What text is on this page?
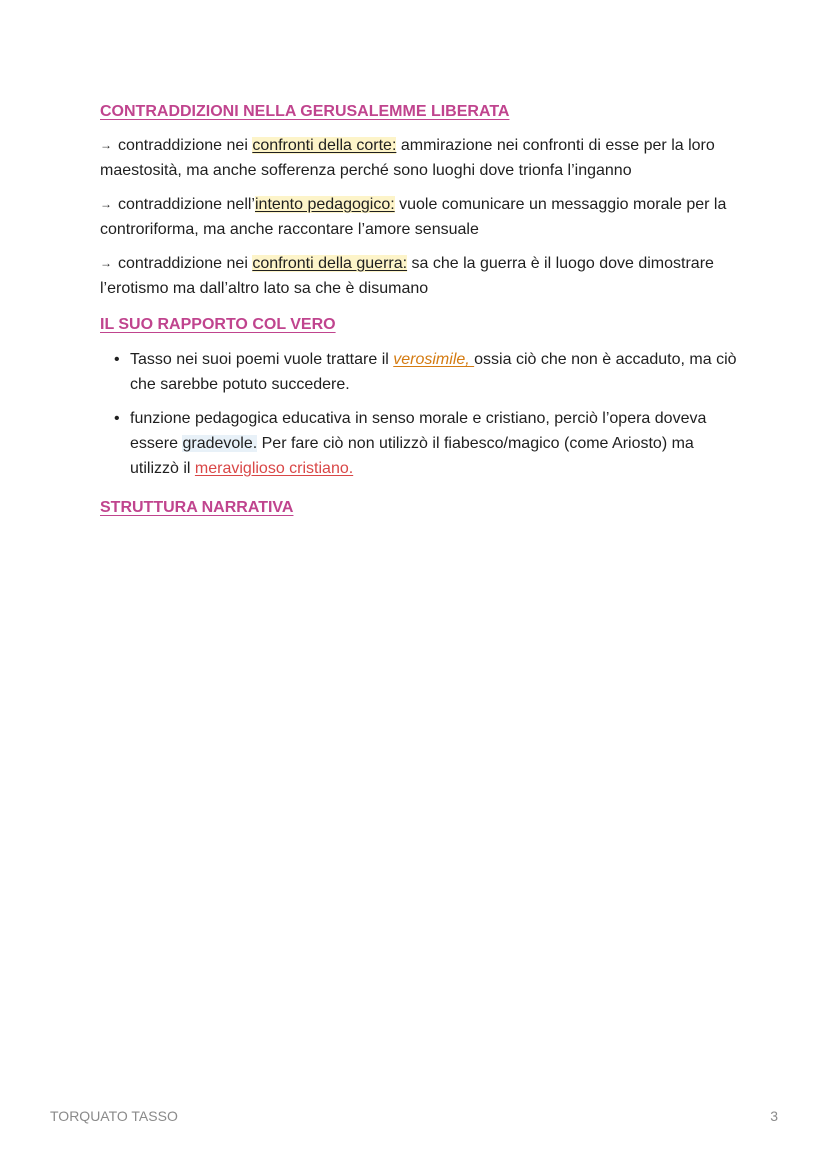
CONTRADDIZIONI NELLA GERUSALEMME LIBERATA

→ contraddizione nei confronti della corte: ammirazione nei confronti di esse per la loro maestosità, ma anche sofferenza perché sono luoghi dove trionfa l’inganno

→ contraddizione nell’intento pedagogico: vuole comunicare un messaggio morale per la controriforma, ma anche raccontare l’amore sensuale

→ contraddizione nei confronti della guerra: sa che la guerra è il luogo dove dimostrare l’erotismo ma dall’altro lato sa che è disumano

IL SUO RAPPORTO COL VERO

• Tasso nei suoi poemi vuole trattare il verosimile, ossia ciò che non è accaduto, ma ciò che sarebbe potuto succedere.
• funzione pedagogica educativa in senso morale e cristiano, perciò l’opera doveva essere gradevole. Per fare ciò non utilizzò il fiabesco/magico (come Ariosto) ma utilizzò il meraviglioso cristiano.

STRUTTURA NARRATIVA

TORQUATO TASSO	3
